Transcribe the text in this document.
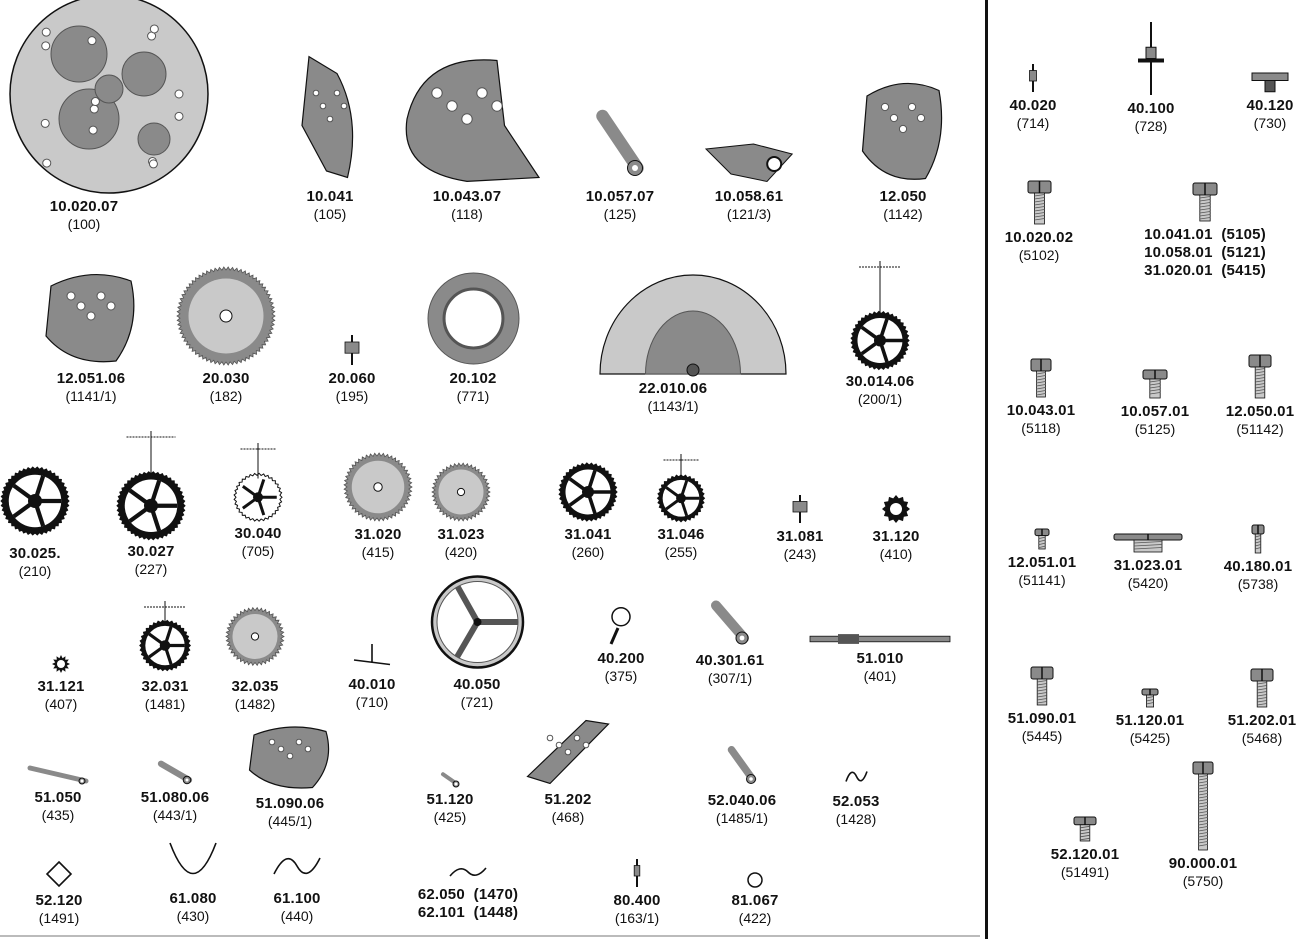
10.020.07
(100)
10.041
(105)
10.043.07
(118)
10.057.07
(125)
10.058.61
(121/3)
12.050
(1142)
12.051.06
(1141/1)
20.030
(182)
20.060
(195)
20.102
(771)	22.010.06
(1143/1)
30.014.06
(200/1)
30.025.
(210)
30.027
(227)
30.040
(705)
31.020
(415)
31.023
(420)
31.041
(260)
31.046
(255)
31.081
(243)
31.120
(410)
31.121
(407)
32.031
(1481)
32.035
(1482)
40.010
(710)
40.050
(721)
40.200
(375)
40.301.61
(307/1)
51.010
(401)
51.050
(435)
51.080.06
(443/1)
51.090.06
(445/1)
51.120
(425)
51.202
(468)
52.040.06
(1485/1)
52.053
(1428)
52.120
(1491)
61.080
(430)
61.100
(440)
80.400
(163/1)
81.067
(422)
40.020
(714)
40.100
(728)
40.120
(730)
10.020.02
(5102)
10.043.01
(5118)
10.057.01
(5125)
12.050.01
(51142)
12.051.01
(51141)
31.023.01
(5420)
40.180.01
(5738)
51.090.01
(5445)
51.120.01
(5425)
51.202.01
(5468)
52.120.01
(51491)	90.000.01
(5750)
62.050  (1470)
62.101  (1448)
10.041.01  (5105)
10.058.01  (5121)
31.020.01  (5415)
